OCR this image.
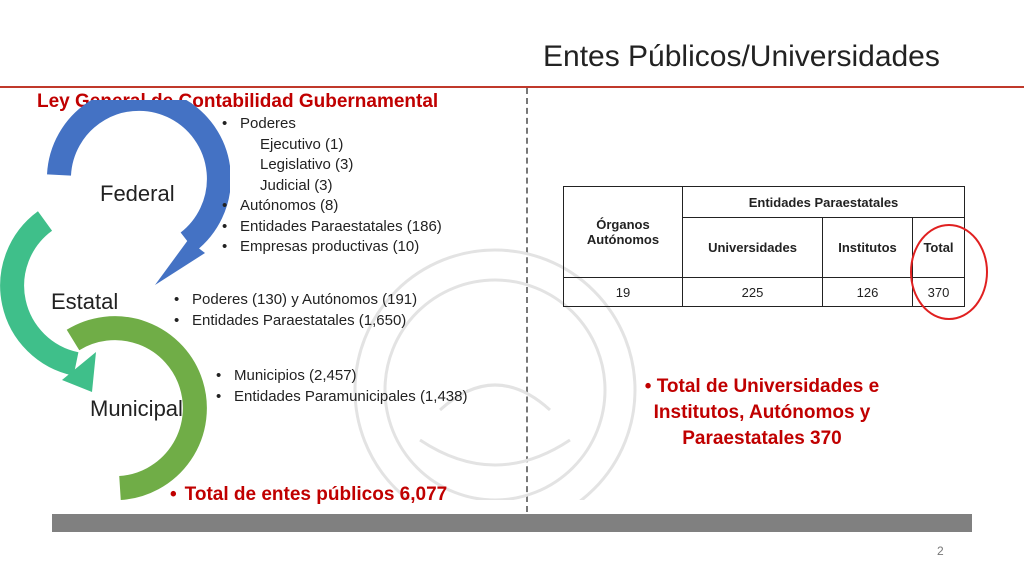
Entes Públicos/Universidades
Ley General de Contabilidad Gubernamental
Federal
Estatal
Municipal
• Poderes
Ejecutivo (1)
Legislativo (3)
Judicial (3)
• Autónomos (8)
• Entidades Paraestatales (186)
• Empresas productivas (10)
• Poderes (130) y Autónomos (191)
• Entidades Paraestatales (1,650)
• Municipios (2,457)
• Entidades Paramunicipales (1,438)
• Total de entes públicos 6,077
Órganos Autónomos	Entidades Paraestatales		
	Universidades	Institutos	Total
19	225	126	370
• Total de Universidades e Institutos, Autónomos y Paraestatales 370
2
